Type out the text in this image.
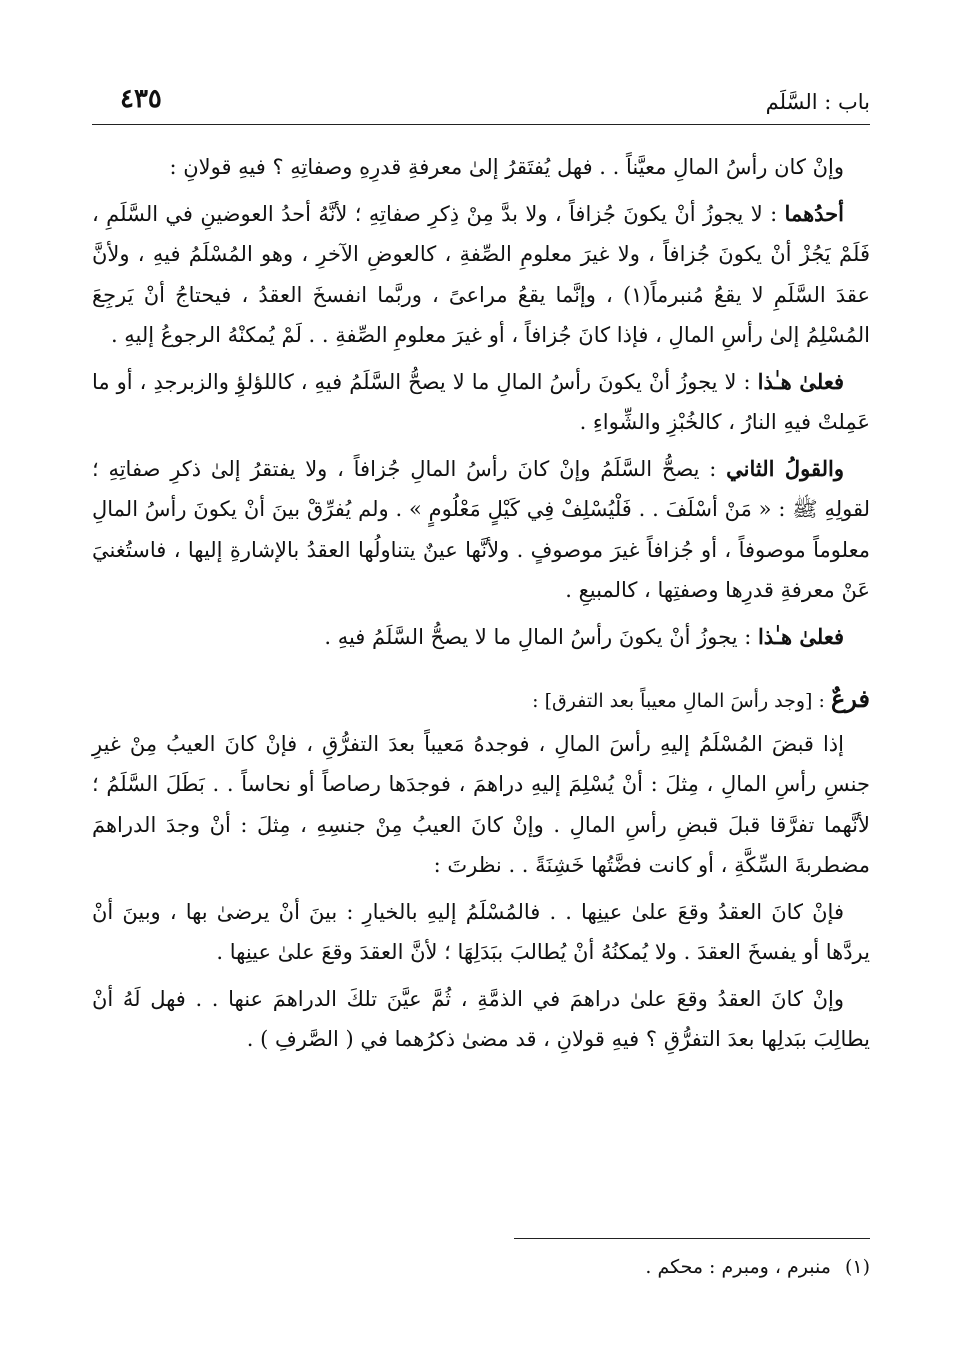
باب : السَّلَم
٤٣٥

وإنْ كان رأسُ المالِ معيَّناً . . فهل يُفتَقرُ إلىٰ معرفةِ قدرِهِ وصفاتِهِ ؟ فيهِ قولانِ :

أحدُهما : لا يجوزُ أنْ يكونَ جُزافاً ، ولا بدَّ مِنْ ذِكرِ صفاتِهِ ؛ لأنَّهُ أحدُ العوضينِ في السَّلَمِ ، فَلَمْ يَجُزْ أنْ يكونَ جُزافاً ، ولا غيرَ معلومِ الصِّفةِ ، كالعوضِ الآخرِ ، وهو المُسْلَمُ فيهِ ، ولأنَّ عقدَ السَّلَمِ لا يقعُ مُنبرماً(١) ، وإنَّما يقعُ مراعىً ، وربَّما انفسخَ العقدُ ، فيحتاجُ أنْ يَرجِعَ المُسْلِمُ إلىٰ رأسِ المالِ ، فإذا كانَ جُزافاً ، أو غيرَ معلومِ الصِّفةِ . . لَمْ يُمكنْهُ الرجوعُ إليهِ .

فعلىٰ هـٰذا : لا يجوزُ أنْ يكونَ رأسُ المالِ ما لا يصحُّ السَّلَمُ فيهِ ، كاللؤلؤِ والزبرجدِ ، أو ما عَمِلتْ فيهِ النارُ ، كالخُبْزِ والشِّواءِ .

والقولُ الثاني : يصحُّ السَّلَمُ وإنْ كانَ رأسُ المالِ جُزافاً ، ولا يفتقرُ إلىٰ ذكرِ صفاتِهِ ؛ لقولِهِ ﷺ : « مَنْ أسْلَفَ . . فَلْيُسْلِفْ فِي كَيْلٍ مَعْلُومٍ » . ولم يُفرِّقْ بينَ أنْ يكونَ رأسُ المالِ معلوماً موصوفاً ، أو جُزافاً غيرَ موصوفٍ . ولأنَّها عينٌ يتناولُها العقدُ بالإشارةِ إليها ، فاستُغنيَ عَنْ معرفةِ قدرِها وصفتِها ، كالمبيعِ .

فعلىٰ هـٰذا : يجوزُ أنْ يكونَ رأسُ المالِ ما لا يصحُّ السَّلَمُ فيهِ .

فرعٌ : [وجد رأسَ المالِ معيباً بعد التفرق] :

إذا قبضَ المُسْلَمُ إليهِ رأسَ المالِ ، فوجدهُ مَعيباً بعدَ التفرُّقِ ، فإنْ كانَ العيبُ مِنْ غيرِ جنسِ رأسِ المالِ ، مِثلَ : أنْ يُسْلِمَ إليهِ دراهمَ ، فوجدَها رصاصاً أو نحاساً . . بَطَلَ السَّلَمُ ؛ لأنَّهما تفرَّقا قبلَ قبضِ رأسِ المالِ . وإنْ كانَ العيبُ مِنْ جنسِهِ ، مِثلَ : أنْ وجدَ الدراهمَ مضطربةَ السِّكَّةِ ، أو كانت فضَّتُها خَشِنَةً . . نظرتَ :

فإنْ كانَ العقدُ وقعَ علىٰ عينِها . . فالمُسْلَمُ إليهِ بالخيارِ : بينَ أنْ يرضىٰ بها ، وبينَ أنْ يردَّها أو يفسخَ العقدَ . ولا يُمكنُهُ أنْ يُطالبَ ببَدَلِهَا ؛ لأنَّ العقدَ وقعَ علىٰ عينِها .

وإنْ كانَ العقدُ وقعَ علىٰ دراهمَ في الذمَّةِ ، ثُمَّ عيَّنَ تلكَ الدراهمَ عنها . . فهل لَهُ أنْ يطالِبَ ببَدلِها بعدَ التفرُّقِ ؟ فيهِ قولانِ ، قد مضىٰ ذكرُهما في ( الصَّرفِ ) .

(١)منبرم ، ومبرم : محكم .
